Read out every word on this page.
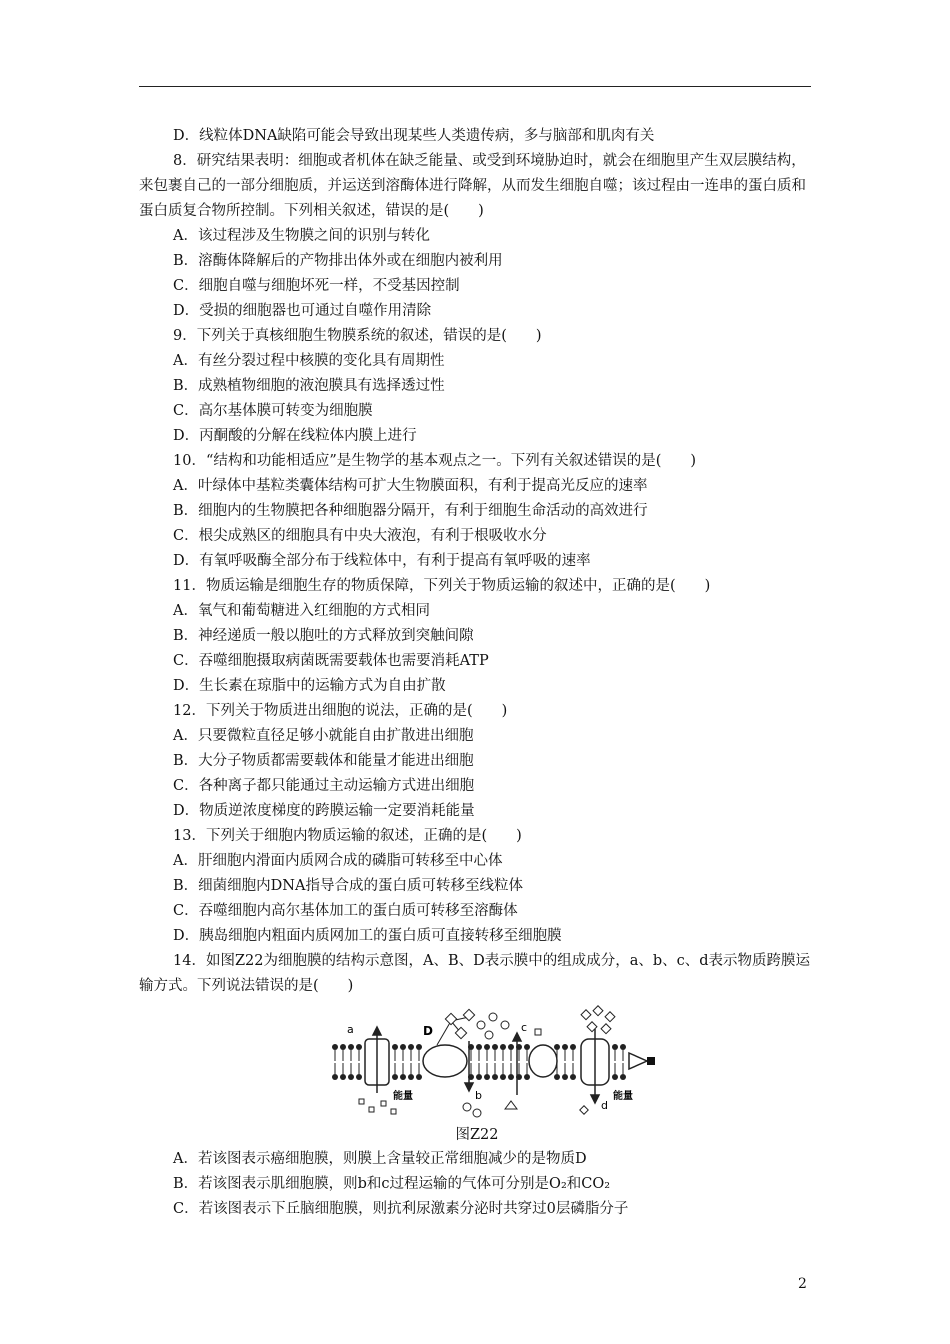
D．线粒体DNA缺陷可能会导致出现某些人类遗传病，多与脑部和肌肉有关
8．研究结果表明：细胞或者机体在缺乏能量、或受到环境胁迫时，就会在细胞里产生双层膜结构，来包裹自己的一部分细胞质，并运送到溶酶体进行降解，从而发生细胞自噬；该过程由一连串的蛋白质和蛋白质复合物所控制。下列相关叙述，错误的是(　　)
A．该过程涉及生物膜之间的识别与转化
B．溶酶体降解后的产物排出体外或在细胞内被利用
C．细胞自噬与细胞坏死一样，不受基因控制
D．受损的细胞器也可通过自噬作用清除
9．下列关于真核细胞生物膜系统的叙述，错误的是(　　)
A．有丝分裂过程中核膜的变化具有周期性
B．成熟植物细胞的液泡膜具有选择透过性
C．高尔基体膜可转变为细胞膜
D．丙酮酸的分解在线粒体内膜上进行
10．“结构和功能相适应”是生物学的基本观点之一。下列有关叙述错误的是(　　)
A．叶绿体中基粒类囊体结构可扩大生物膜面积，有利于提高光反应的速率
B．细胞内的生物膜把各种细胞器分隔开，有利于细胞生命活动的高效进行
C．根尖成熟区的细胞具有中央大液泡，有利于根吸收水分
D．有氧呼吸酶全部分布于线粒体中，有利于提高有氧呼吸的速率
11．物质运输是细胞生存的物质保障，下列关于物质运输的叙述中，正确的是(　　)
A．氧气和葡萄糖进入红细胞的方式相同
B．神经递质一般以胞吐的方式释放到突触间隙
C．吞噬细胞摄取病菌既需要载体也需要消耗ATP
D．生长素在琼脂中的运输方式为自由扩散
12．下列关于物质进出细胞的说法，正确的是(　　)
A．只要微粒直径足够小就能自由扩散进出细胞
B．大分子物质都需要载体和能量才能进出细胞
C．各种离子都只能通过主动运输方式进出细胞
D．物质逆浓度梯度的跨膜运输一定要消耗能量
13．下列关于细胞内物质运输的叙述，正确的是(　　)
A．肝细胞内滑面内质网合成的磷脂可转移至中心体
B．细菌细胞内DNA指导合成的蛋白质可转移至线粒体
C．吞噬细胞内高尔基体加工的蛋白质可转移至溶酶体
D．胰岛细胞内粗面内质网加工的蛋白质可直接转移至细胞膜
14．如图Z22为细胞膜的结构示意图，A、B、D表示膜中的组成成分，a、b、c、d表示物质跨膜运输方式。下列说法错误的是(　　)
D
a
b
c
d
能量	能量
图Z22
A．若该图表示癌细胞膜，则膜上含量较正常细胞减少的是物质D
B．若该图表示肌细胞膜，则b和c过程运输的气体可分别是O₂和CO₂
C．若该图表示下丘脑细胞膜，则抗利尿激素分泌时共穿过0层磷脂分子
2
